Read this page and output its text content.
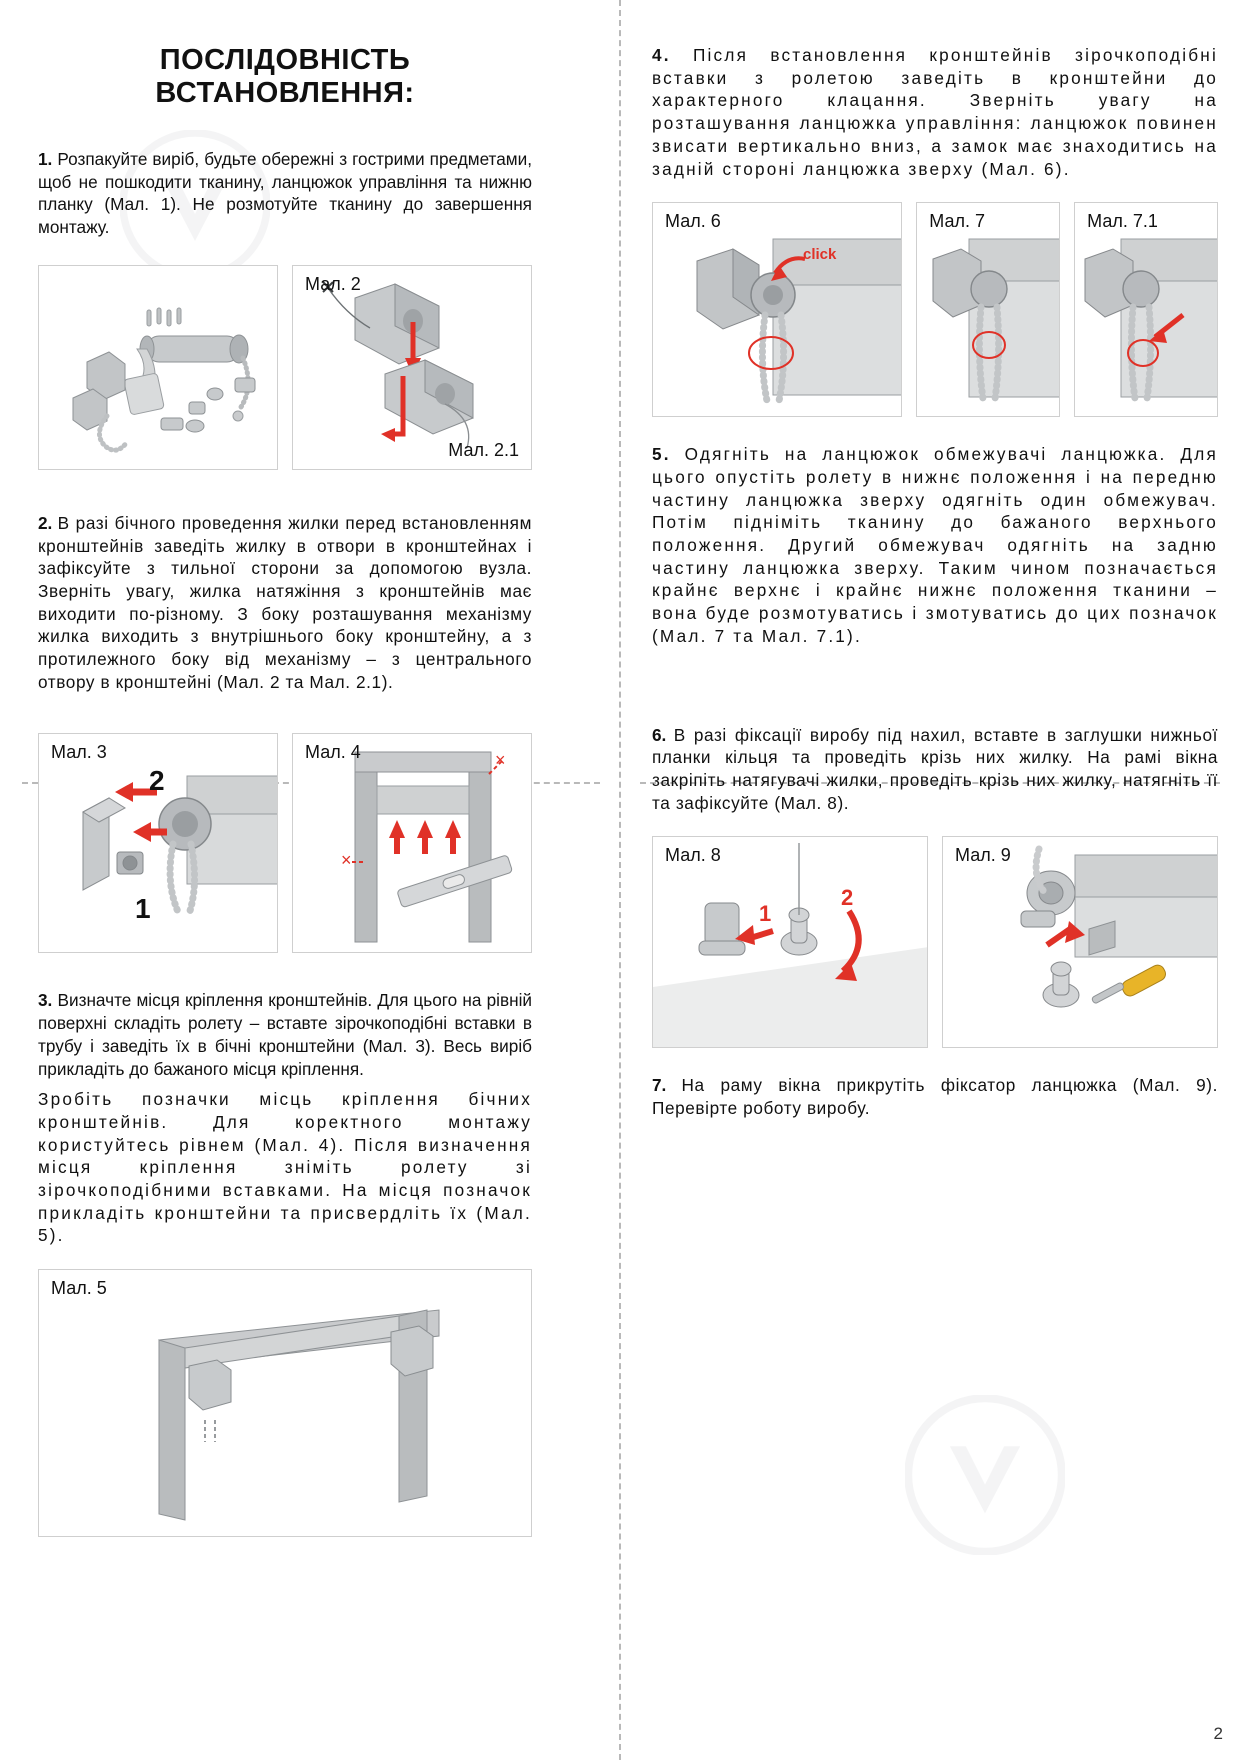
ПОСЛІДОВНІСТЬ ВСТАНОВЛЕННЯ:

1. Розпакуйте виріб, будьте обережні з гострими предметами, щоб не пошкодити тканину, ланцюжок управління та нижню планку (Мал. 1). Не розмотуйте тканину до завершення монтажу.

Мал. 2
Мал. 2.1

2. В разі бічного проведення жилки перед встановленням кронштейнів заведіть жилку в отвори в кронштейнах і зафіксуйте з тильної сторони за допомогою вузла. Зверніть увагу, жилка натяжіння з кронштейнів має виходити по-різному. З боку розташування механізму жилка виходить з внутрішнього боку кронштейну, а з протилежного боку від механізму – з центрального отвору в кронштейні (Мал. 2 та Мал. 2.1).

Мал. 3
2
1
Мал. 4	×
×

3. Визначте місця кріплення кронштейнів. Для цього на рівній поверхні складіть ролету – вставте зірочкоподібні вставки в трубу і заведіть їх в бічні кронштейни (Мал. 3). Весь виріб прикладіть до бажаного місця кріплення.

Зробіть позначки місць кріплення бічних кронштейнів. Для коректного монтажу користуйтесь рівнем (Мал. 4). Після визначення місця кріплення зніміть ролету зі зірочкоподібними вставками. На місця позначок прикладіть кронштейни та присвердліть їх (Мал. 5).

Мал. 5

4. Після встановлення кронштейнів зірочкоподібні вставки з ролетою заведіть в кронштейни до характерного клацання. Зверніть увагу на розташування ланцюжка управління: ланцюжок повинен звисати вертикально вниз, а замок має знаходитись на задній стороні ланцюжка зверху (Мал. 6).

Мал. 6
click
Мал. 7	Мал. 7.1

5. Одягніть на ланцюжок обмежувачі ланцюжка. Для цього опустіть ролету в нижнє положення і на передню частину ланцюжка зверху одягніть один обмежувач. Потім підніміть тканину до бажаного верхнього положення. Другий обмежувач одягніть на задню частину ланцюжка зверху. Таким чином позначається крайнє верхнє і крайнє нижнє положення тканини – вона буде розмотуватись і змотуватись до цих позначок (Мал. 7 та Мал. 7.1).

6. В разі фіксації виробу під нахил, вставте в заглушки нижньої планки кільця та проведіть крізь них жилку. На рамі вікна закріпіть натягувачі жилки, проведіть крізь них жилку, натягніть її та зафіксуйте (Мал. 8).

Мал. 8
1
2
Мал. 9

7. На раму вікна прикрутіть фіксатор ланцюжка (Мал. 9). Перевірте роботу виробу.

2
